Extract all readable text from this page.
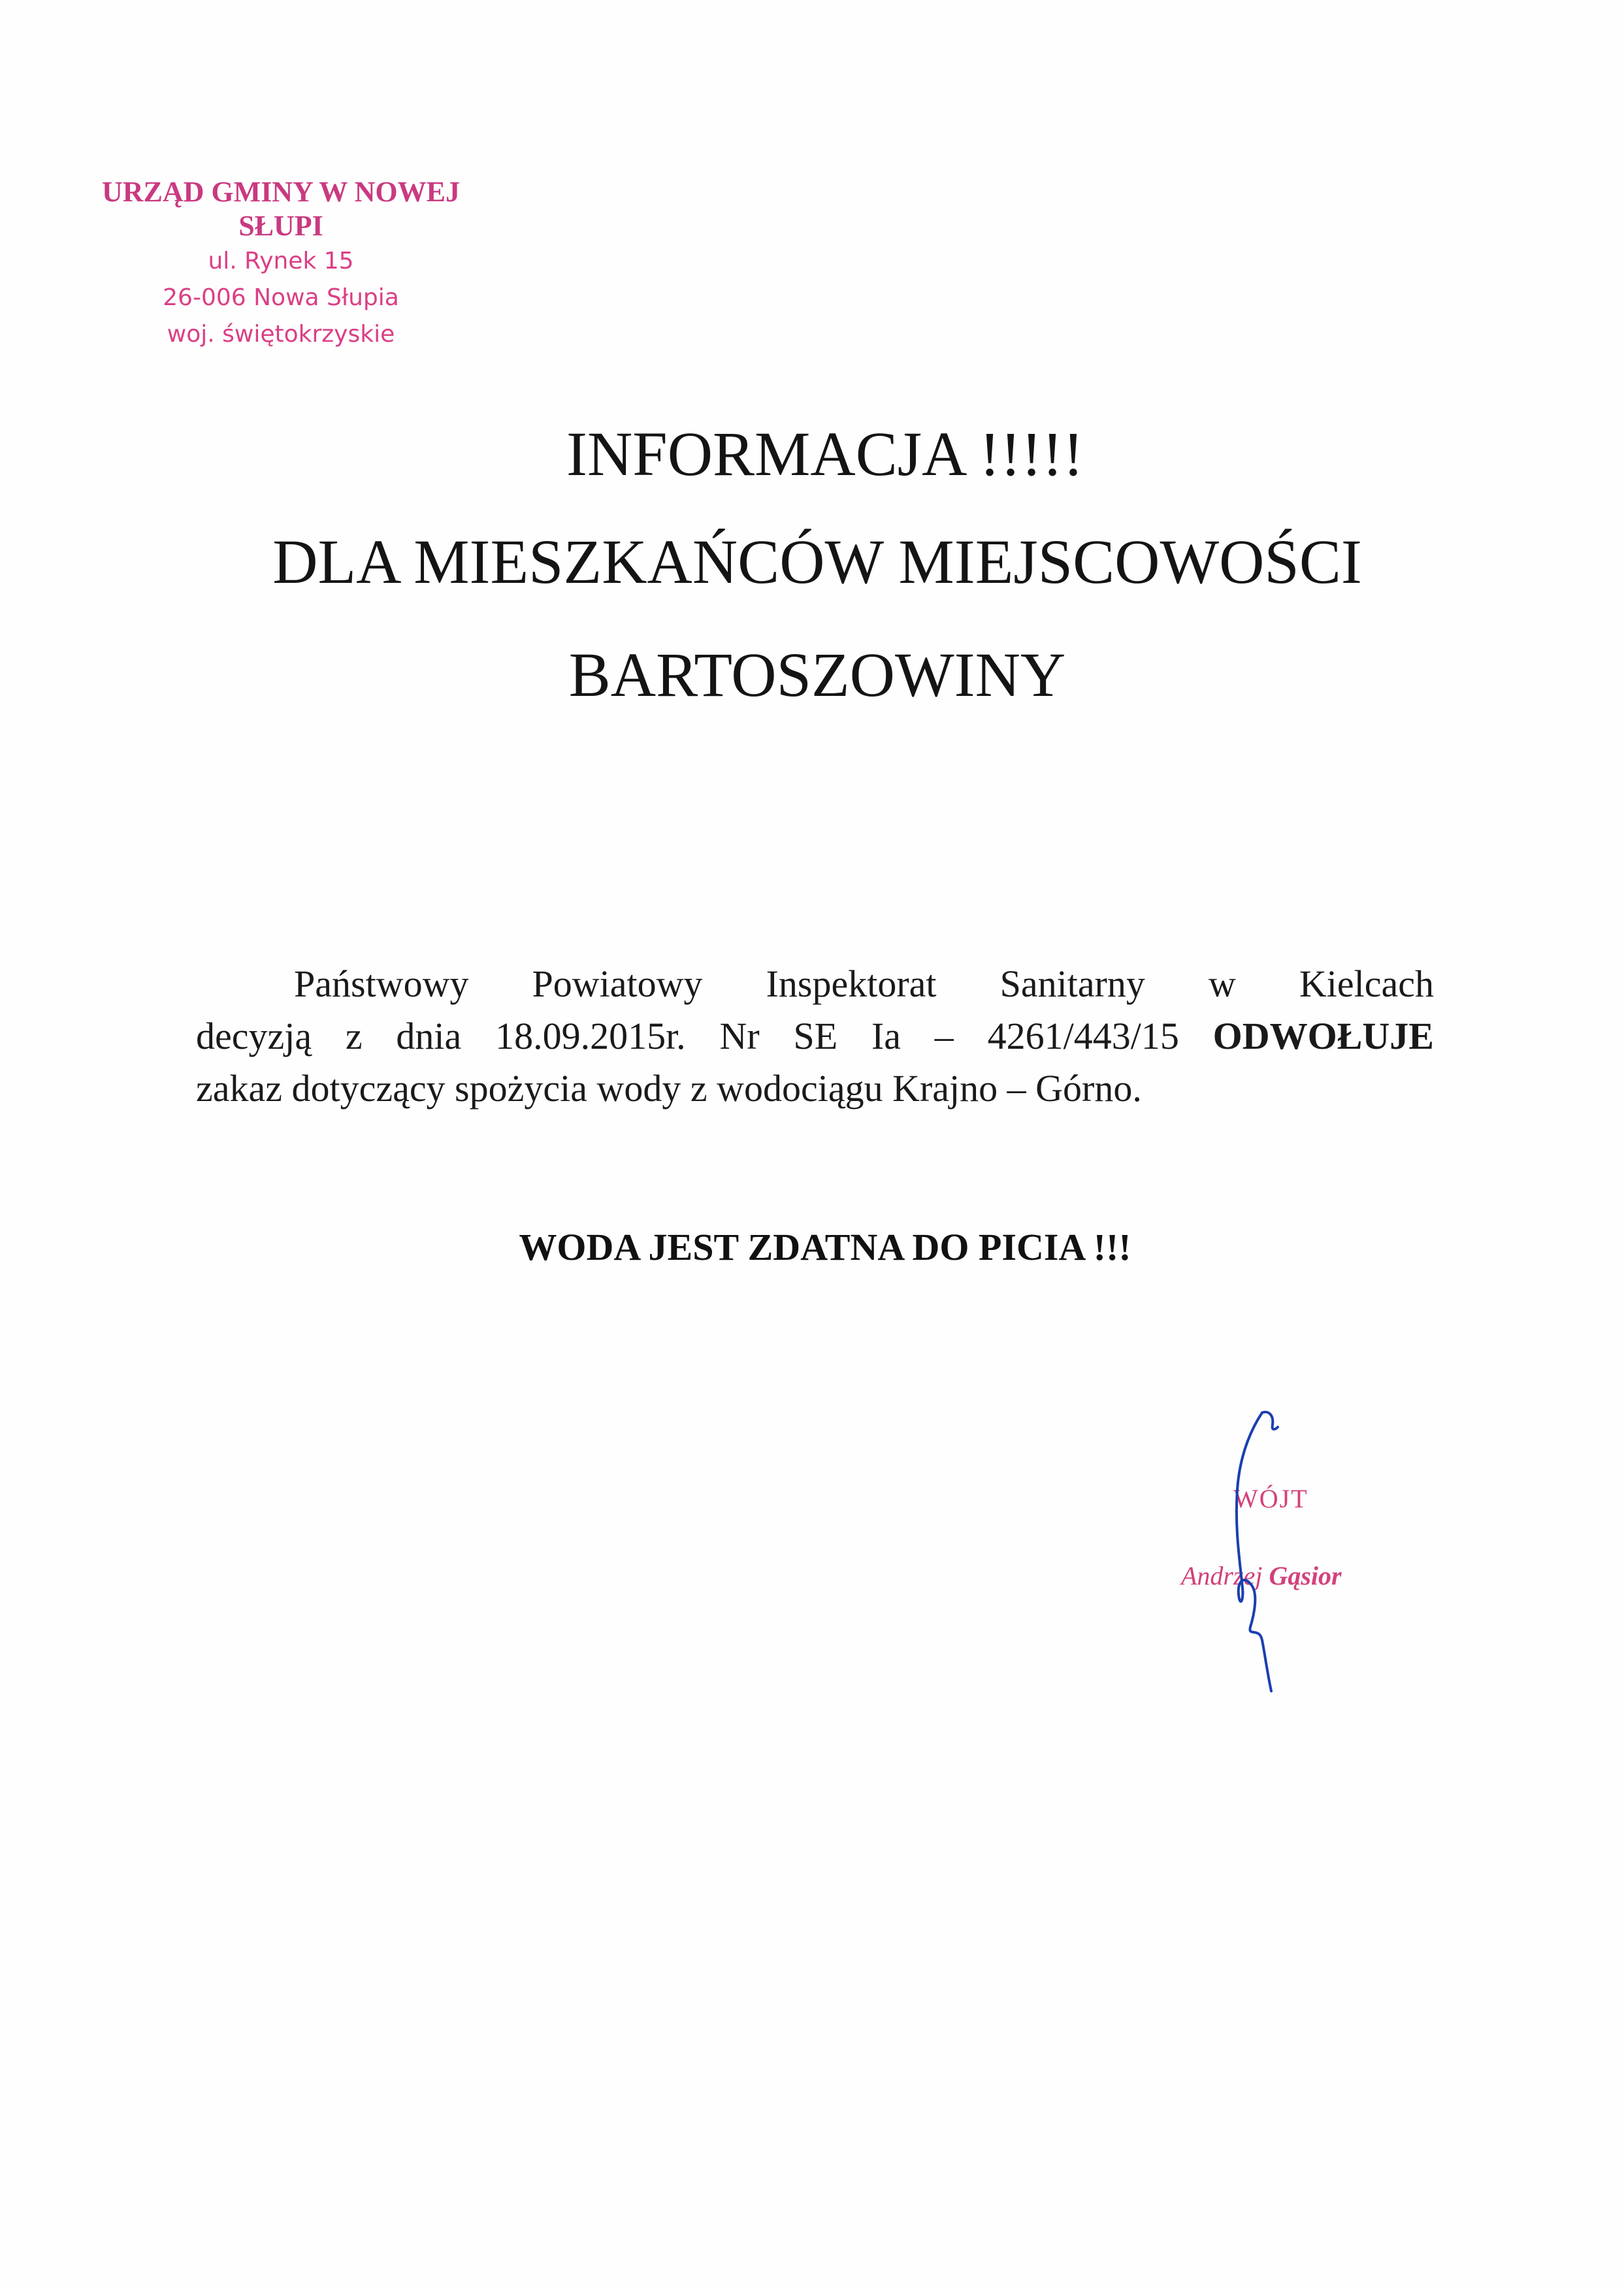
URZĄD GMINY W NOWEJ SŁUPI
ul. Rynek 15
26-006 Nowa Słupia
woj. świętokrzyskie
INFORMACJA !!!!!
DLA MIESZKAŃCÓW MIEJSCOWOŚCI
BARTOSZOWINY
Państwowy Powiatowy Inspektorat Sanitarny w Kielcach
decyzją z dnia 18.09.2015r. Nr SE Ia – 4261/443/15 ODWOŁUJE
zakaz dotyczący spożycia wody z wodociągu Krajno – Górno.
WODA JEST ZDATNA DO PICIA !!!
WÓJT
Andrzej Gąsior
